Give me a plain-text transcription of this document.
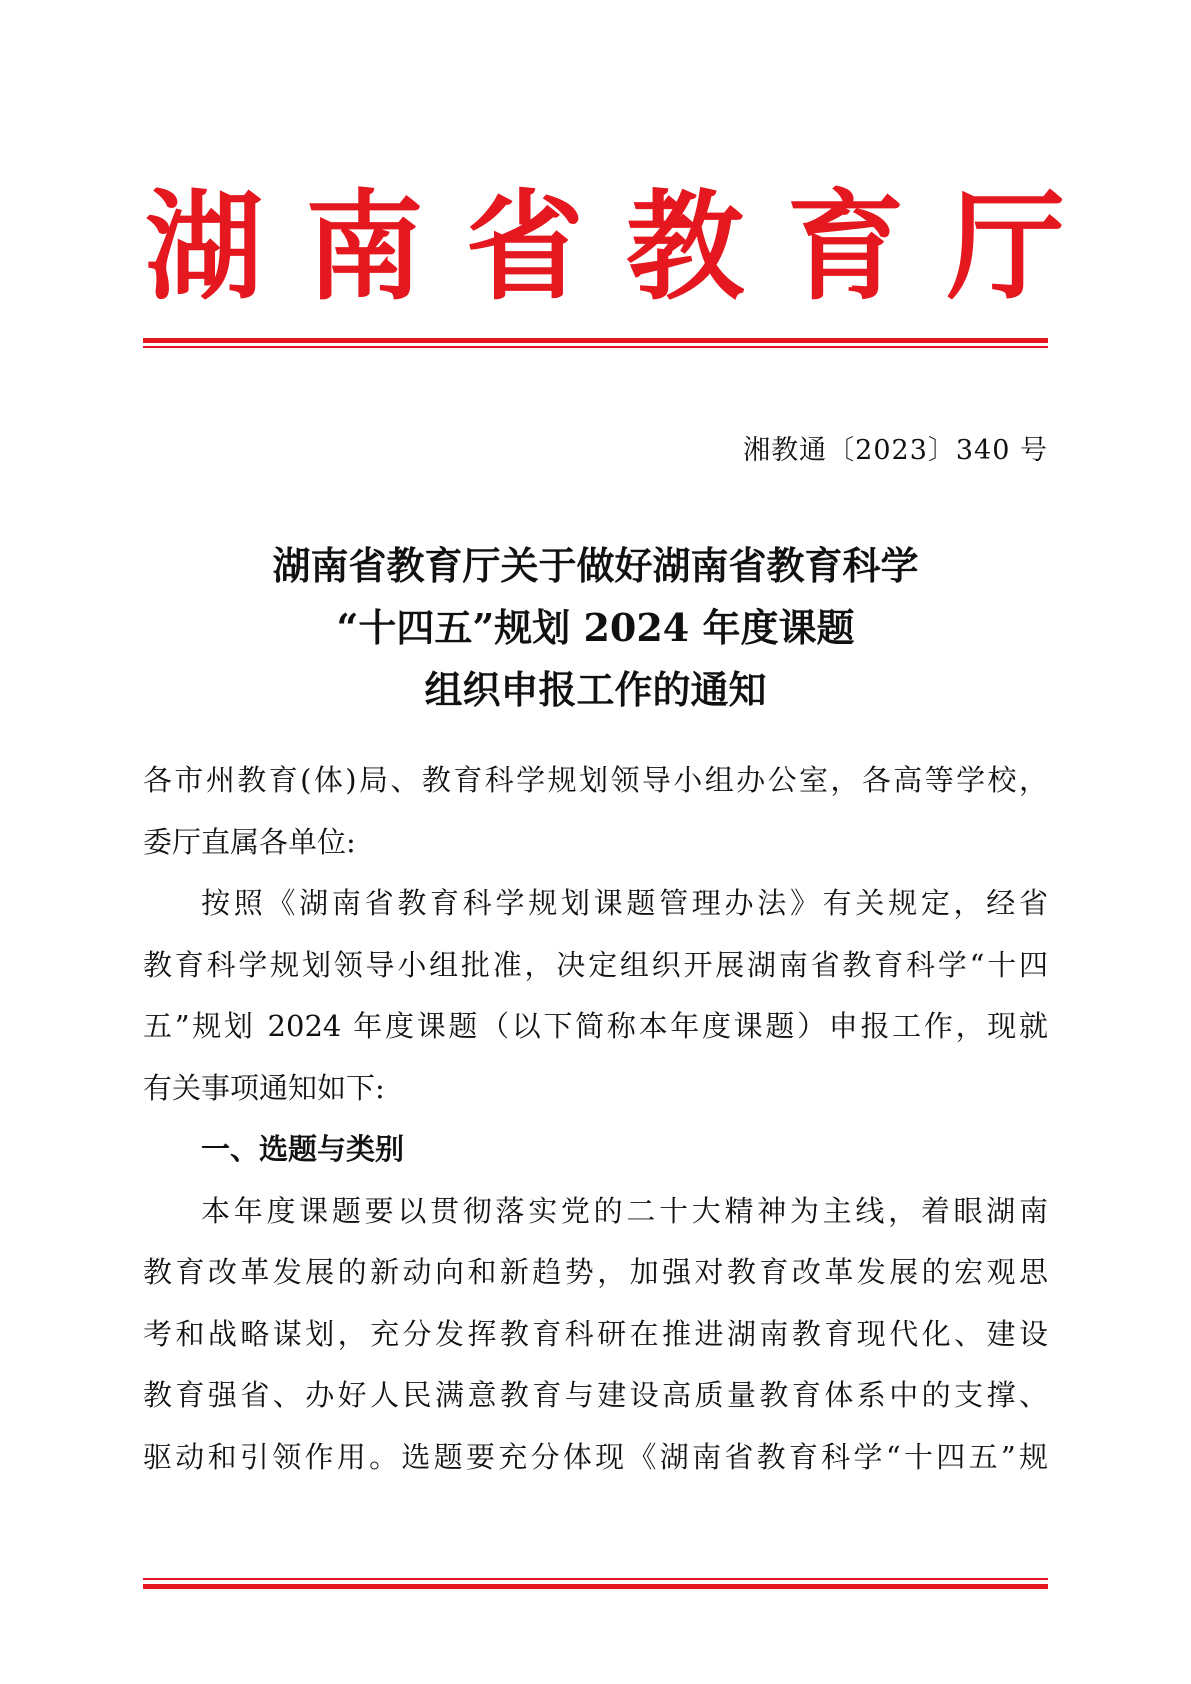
湖 南 省 教 育 厅
湘教通〔2023〕340 号
湖南省教育厅关于做好湖南省教育科学
“十四五”规划 2024 年度课题
组织申报工作的通知

各市州教育(体)局、教育科学规划领导小组办公室，各高等学校，

委厅直属各单位:

按照《湖南省教育科学规划课题管理办法》有关规定，经省

教育科学规划领导小组批准，决定组织开展湖南省教育科学“十四

五”规划 2024 年度课题（以下简称本年度课题）申报工作，现就

有关事项通知如下:

一、选题与类别

本年度课题要以贯彻落实党的二十大精神为主线，着眼湖南

教育改革发展的新动向和新趋势，加强对教育改革发展的宏观思

考和战略谋划，充分发挥教育科研在推进湖南教育现代化、建设

教育强省、办好人民满意教育与建设高质量教育体系中的支撑、

驱动和引领作用。选题要充分体现《湖南省教育科学“十四五”规
